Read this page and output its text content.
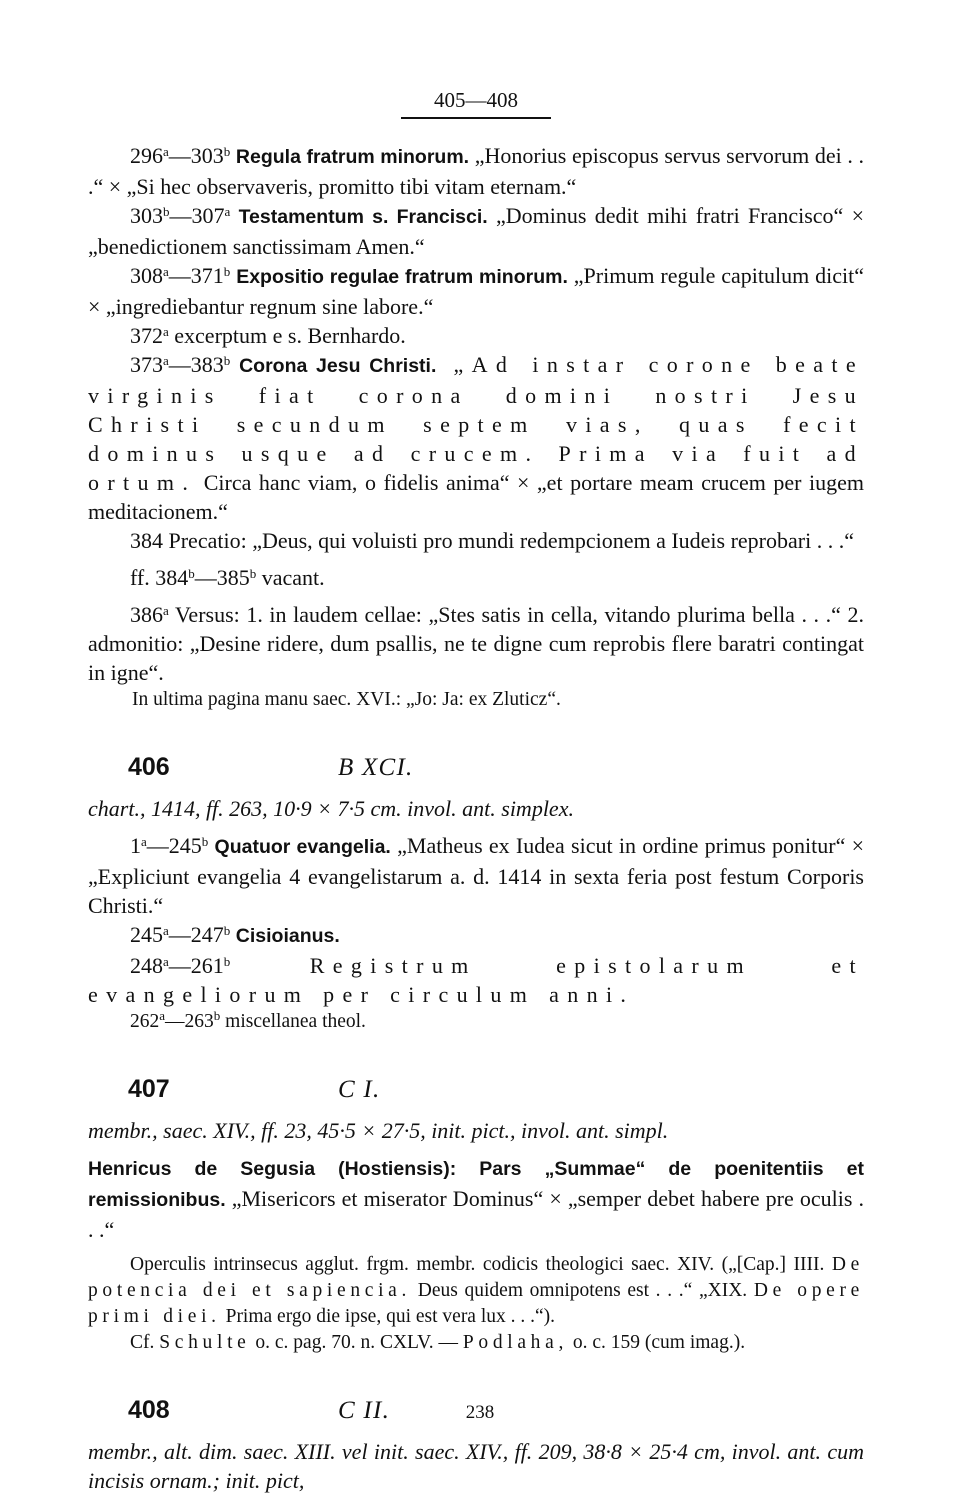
405—408

296$^a$—303$^b$ Regula fratrum minorum. „Honorius episcopus servus servorum dei . . .“ × „Si hec observaveris, promitto tibi vitam eternam.“

303$^b$—307$^a$ Testamentum s. Francisci. „Dominus dedit mihi fratri Francisco“ × „benedictionem sanctissimam Amen.“

308$^a$—371$^b$ Expositio regulae fratrum minorum. „Primum regule capitulum dicit“ × „ingrediebantur regnum sine labore.“

372$^a$ excerptum e s. Bernhardo.

373$^a$—383$^b$ Corona Jesu Christi. „Ad instar corone beate virginis fiat corona domini nostri Jesu Christi secundum septem vias, quas fecit dominus usque ad crucem. Prima via fuit ad ortum. Circa hanc viam, o fidelis anima“ × „et portare meam crucem per iugem meditacionem.“

384 Precatio: „Deus, qui voluisti pro mundi redempcionem a Iudeis reprobari . . .“

ff. 384$^b$—385$^b$ vacant.

386$^a$ Versus: 1. in laudem cellae: „Stes satis in cella, vitando plurima bella . . .“ 2. admonitio: „Desine ridere, dum psallis, ne te digne cum reprobis flere baratri contingat in igne“.

In ultima pagina manu saec. XVI.: „Jo: Ja: ex Zluticz“.

406	B XCI.

chart., 1414, ff. 263, 10·9 × 7·5 cm. invol. ant. simplex.

1$^a$—245$^b$ Quatuor evangelia. „Matheus ex Iudea sicut in ordine primus ponitur“ × „Expliciunt evangelia 4 evangelistarum a. d. 1414 in sexta feria post festum Corporis Christi.“

245$^a$—247$^b$ Cisioianus.

248$^a$—261$^b$ Registrum epistolarum et evangeliorum per circulum anni.

262$^a$—263$^b$ miscellanea theol.

407	C I.

membr., saec. XIV., ff. 23, 45·5 × 27·5, init. pict., invol. ant. simpl.

Henricus de Segusia (Hostiensis): Pars „Summae“ de poenitentiis et remissionibus. „Misericors et miserator Dominus“ × „semper debet habere pre oculis . . .“

Operculis intrinsecus agglut. frgm. membr. codicis theologici saec. XIV. („[Cap.] IIII. De potencia dei et sapiencia. Deus quidem omnipotens est . . .“ „XIX. De opere primi diei. Prima ergo die ipse, qui est vera lux . . .“).

Cf. Schulte o. c. pag. 70. n. CXLV. — Podlaha, o. c. 159 (cum imag.).

408	C II.

membr., alt. dim. saec. XIII. vel init. saec. XIV., ff. 209, 38·8 × 25·4 cm, invol. ant. cum incisis ornam.; init. pict,

238
